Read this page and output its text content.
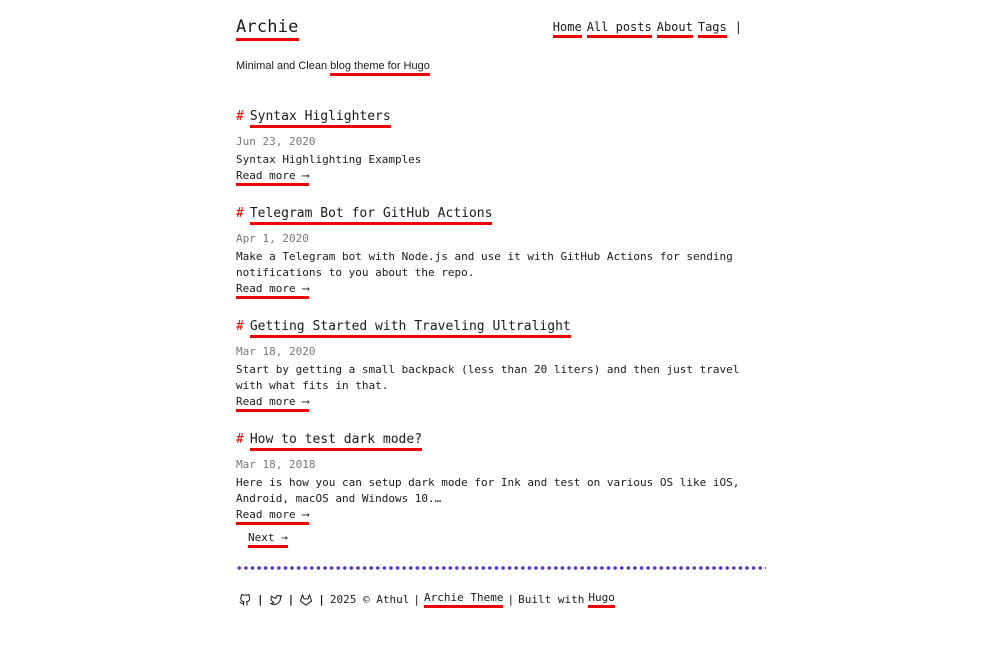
Archie	Home All posts About Tags |
Minimal and Clean blog theme for Hugo
# Syntax Higlighters
Jun 23, 2020
Syntax Highlighting Examples
Read more ⟶
# Telegram Bot for GitHub Actions
Apr 1, 2020
Make a Telegram bot with Node.js and use it with GitHub Actions for sending notifications to you about the repo.
Read more ⟶
# Getting Started with Traveling Ultralight
Mar 18, 2020
Start by getting a small backpack (less than 20 liters) and then just travel with what fits in that.
Read more ⟶
# How to test dark mode?
Mar 18, 2018
Here is how you can setup dark mode for Ink and test on various OS like iOS, Android, macOS and Windows 10.…
Read more ⟶
Next →
| | | 2025 © Athul | Archie Theme | Built with Hugo
